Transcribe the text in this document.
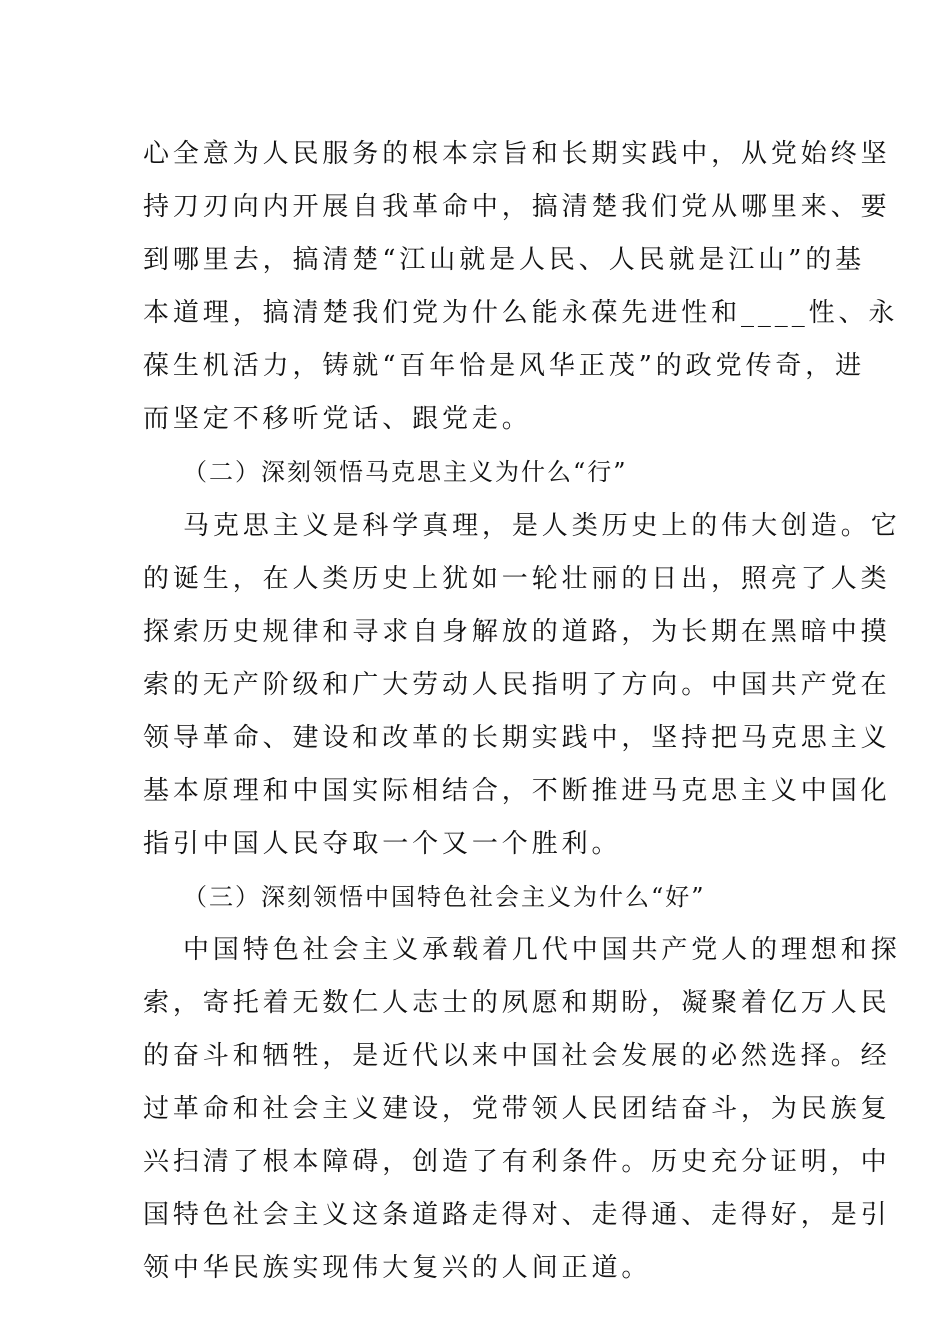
心全意为人民服务的根本宗旨和长期实践中，从党始终坚
持刀刃向内开展自我革命中，搞清楚我们党从哪里来、要
到哪里去，搞清楚“江山就是人民、人民就是江山”的基
本道理，搞清楚我们党为什么能永葆先进性和____性、永
葆生机活力，铸就“百年恰是风华正茂”的政党传奇，进
而坚定不移听党话、跟党走。
（二）深刻领悟马克思主义为什么“行”
马克思主义是科学真理，是人类历史上的伟大创造。它
的诞生，在人类历史上犹如一轮壮丽的日出，照亮了人类
探索历史规律和寻求自身解放的道路，为长期在黑暗中摸
索的无产阶级和广大劳动人民指明了方向。中国共产党在
领导革命、建设和改革的长期实践中，坚持把马克思主义
基本原理和中国实际相结合，不断推进马克思主义中国化
指引中国人民夺取一个又一个胜利。
（三）深刻领悟中国特色社会主义为什么“好”
中国特色社会主义承载着几代中国共产党人的理想和探
索，寄托着无数仁人志士的夙愿和期盼，凝聚着亿万人民
的奋斗和牺牲，是近代以来中国社会发展的必然选择。经
过革命和社会主义建设，党带领人民团结奋斗，为民族复
兴扫清了根本障碍，创造了有利条件。历史充分证明，中
国特色社会主义这条道路走得对、走得通、走得好，是引
领中华民族实现伟大复兴的人间正道。
